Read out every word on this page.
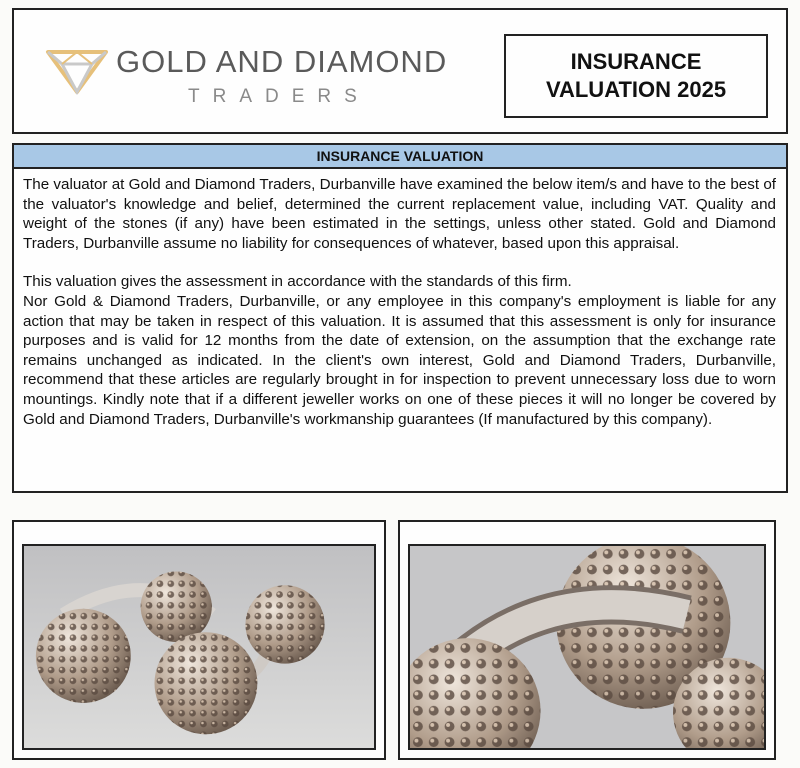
GOLD AND DIAMOND
TRADERS
INSURANCE
VALUATION 2025
INSURANCE VALUATION

The valuator at Gold and Diamond Traders, Durbanville have examined the below item/s and have to the best of the valuator's knowledge and belief, determined the current replacement value, including VAT. Quality and weight of the stones (if any) have been estimated in the settings, unless other stated. Gold and Diamond Traders, Durbanville assume no liability for consequences of whatever, based upon this appraisal.

This valuation gives the assessment in accordance with the standards of this firm.

Nor Gold & Diamond Traders, Durbanville, or any employee in this company's employment is liable for any action that may be taken in respect of this valuation. It is assumed that this assessment is only for insurance purposes and is valid for 12 months from the date of extension, on the assumption that the exchange rate remains unchanged as indicated. In the client's own interest, Gold and Diamond Traders, Durbanville, recommend that these articles are regularly brought in for inspection to prevent unnecessary loss due to worn mountings. Kindly note that if a different jeweller works on one of these pieces it will no longer be covered by Gold and Diamond Traders, Durbanville's workmanship guarantees (If manufactured by this company).
